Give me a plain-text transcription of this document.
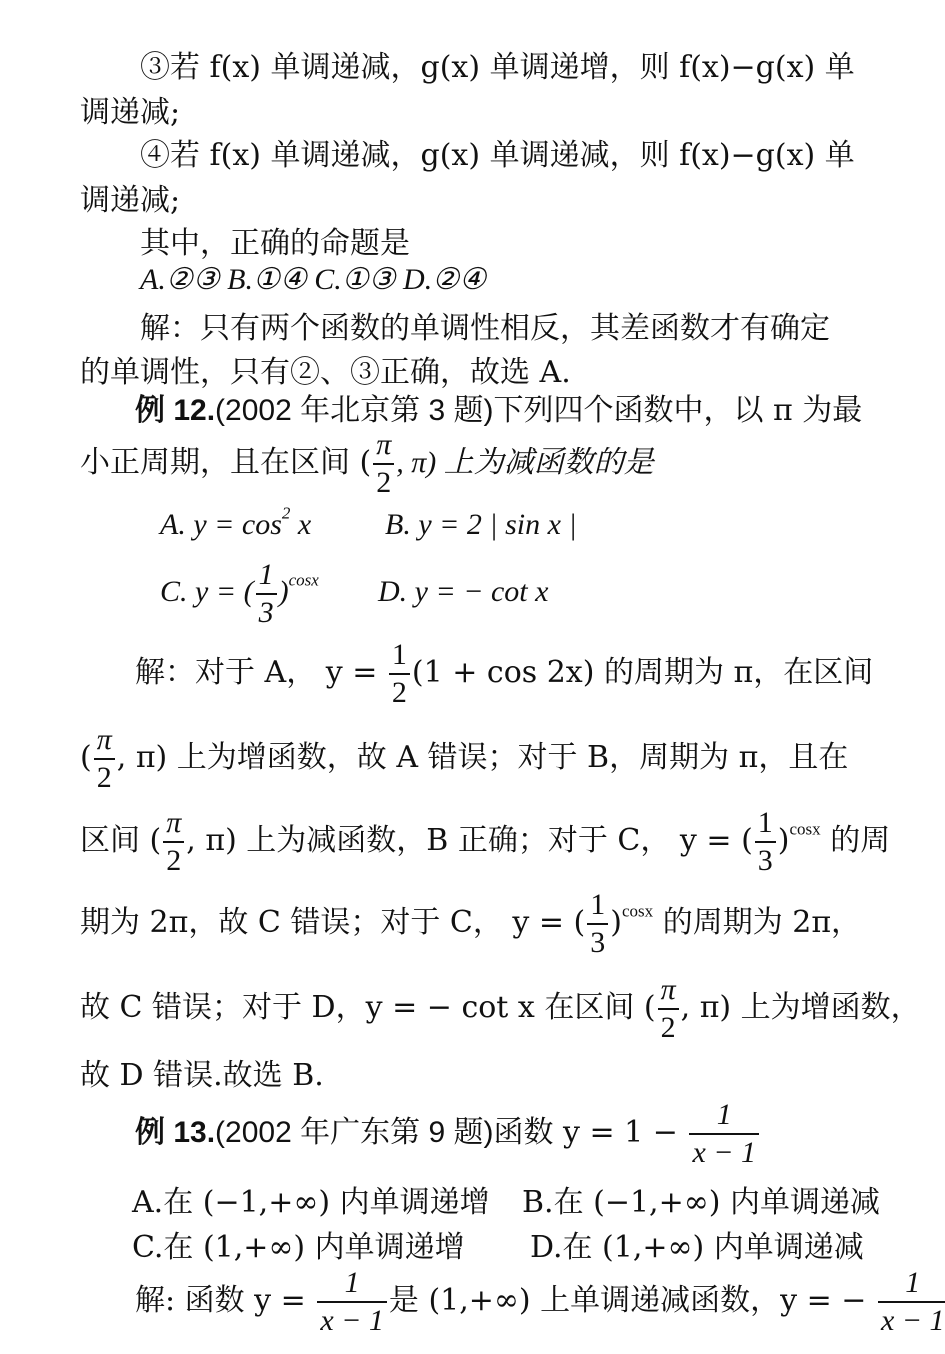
③若 f(x) 单调递减，g(x) 单调递增，则 f(x)−g(x) 单
调递减;
④若 f(x) 单调递减，g(x) 单调递减，则 f(x)−g(x) 单
调递减;
其中，正确的命题是
A.②③ B.①④ C.①③ D.②④
解：只有两个函数的单调性相反，其差函数才有确定
的单调性，只有②、③正确，故选 A.
例 12.(2002 年北京第 3 题)下列四个函数中，以 π 为最
小正周期，且在区间 ( $\frac{\pi}{2}$ , π) 上为减函数的是
A. $y = \cos^2 x$ B. y = 2 | sin x |
C. y = ( $\frac{1}{3} )^{cosx}$ D. y = − cot x
解：对于 A， $y = \frac{1}{2} (1 + \cos 2x)$ 的周期为 π，在区间
( $\frac{\pi}{2}$ , π) 上为增函数，故 A 错误；对于 B，周期为 π，且在
区间 ( $\frac{\pi}{2}$ , π) 上为减函数，B 正确；对于 C， y = ( $\frac{1}{3} )^{cosx}$ 的周
期为 2π，故 C 错误；对于 C， y = ( $\frac{1}{3} )^{cosx}$ 的周期为 2π，
故 C 错误；对于 D，y = − cot x 在区间 ( $\frac{\pi}{2}$ , π) 上为增函数，
故 D 错误.故选 B.
例 13.(2002 年广东第 9 题)函数 $y = 1 - \frac{1}{x - 1}$
A.在 (−1,+∞) 内单调递增 B.在 (−1,+∞) 内单调递减
C.在 (1,+∞) 内单调递增 D.在 (1,+∞) 内单调递减
解: 函数 $y = \frac{1}{x - 1}$ 是 (1,+∞) 上单调递减函数，y = − $\frac{1}{x - 1}$
